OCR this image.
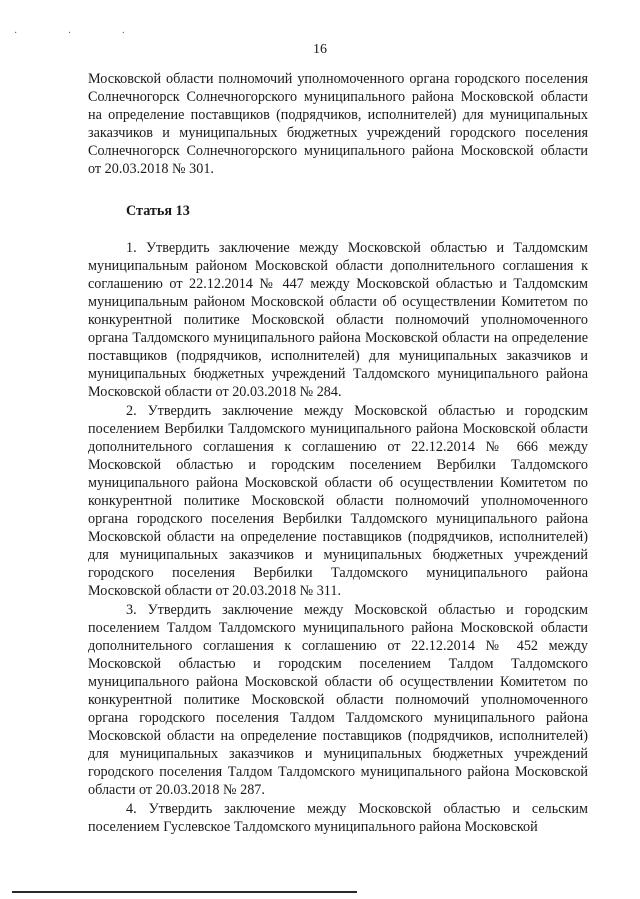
· · ·
16

Московской области полномочий уполномоченного органа городского поселения Солнечногорск Солнечногорского муниципального района Московской области на определение поставщиков (подрядчиков, исполнителей) для муниципальных заказчиков и муниципальных бюджетных учреждений городского поселения Солнечногорск Солнечногорского муниципального района Московской области от 20.03.2018 № 301.

Статья 13

1. Утвердить заключение между Московской областью и Талдомским муниципальным районом Московской области дополнительного соглашения к соглашению от 22.12.2014 № 447 между Московской областью и Талдомским муниципальным районом Московской области об осуществлении Комитетом по конкурентной политике Московской области полномочий уполномоченного органа Талдомского муниципального района Московской области на определение поставщиков (подрядчиков, исполнителей) для муниципальных заказчиков и муниципальных бюджетных учреждений Талдомского муниципального района Московской области от 20.03.2018 № 284.

2. Утвердить заключение между Московской областью и городским поселением Вербилки Талдомского муниципального района Московской области дополнительного соглашения к соглашению от 22.12.2014 № 666 между Московской областью и городским поселением Вербилки Талдомского муниципального района Московской области об осуществлении Комитетом по конкурентной политике Московской области полномочий уполномоченного органа городского поселения Вербилки Талдомского муниципального района Московской области на определение поставщиков (подрядчиков, исполнителей) для муниципальных заказчиков и муниципальных бюджетных учреждений городского поселения Вербилки Талдомского муниципального района Московской области от 20.03.2018 № 311.

3. Утвердить заключение между Московской областью и городским поселением Талдом Талдомского муниципального района Московской области дополнительного соглашения к соглашению от 22.12.2014 № 452 между Московской областью и городским поселением Талдом Талдомского муниципального района Московской области об осуществлении Комитетом по конкурентной политике Московской области полномочий уполномоченного органа городского поселения Талдом Талдомского муниципального района Московской области на определение поставщиков (подрядчиков, исполнителей) для муниципальных заказчиков и муниципальных бюджетных учреждений городского поселения Талдом Талдомского муниципального района Московской области от 20.03.2018 № 287.

4. Утвердить заключение между Московской областью и сельским поселением Гуслевское Талдомского муниципального района Московской
